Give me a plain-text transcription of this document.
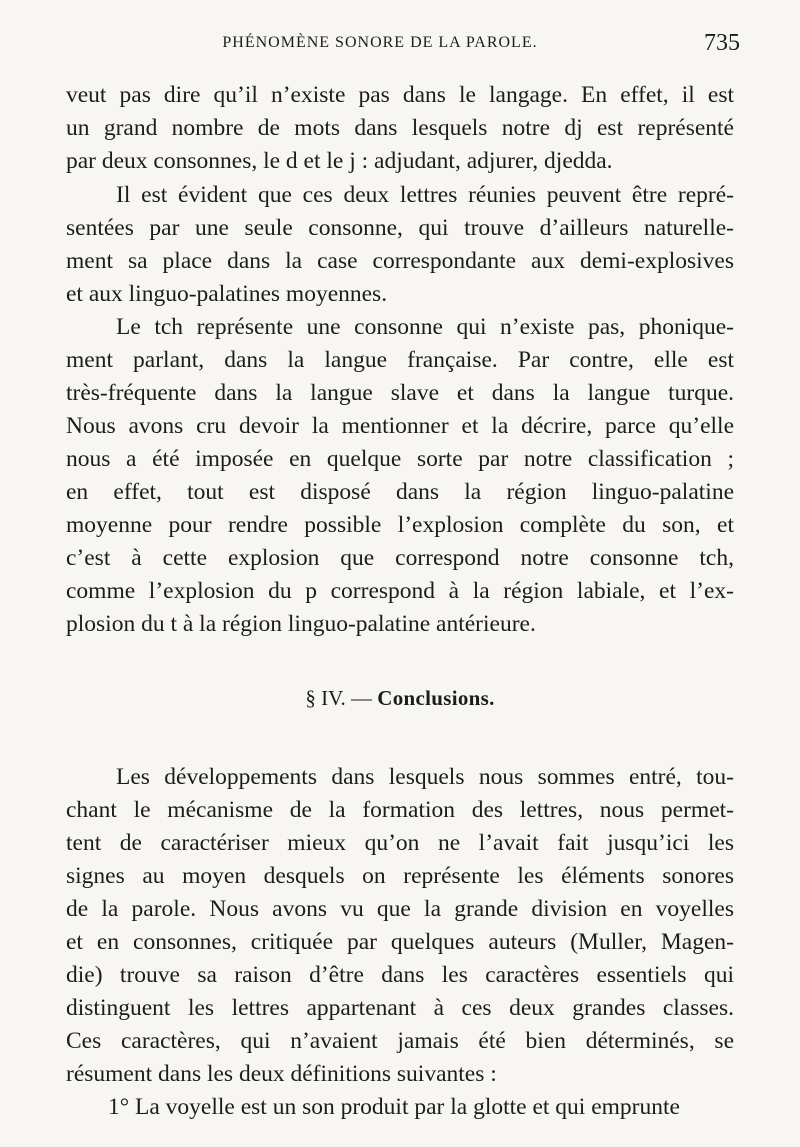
PHÉNOMÈNE SONORE DE LA PAROLE.	735
veut pas dire qu’il n’existe pas dans le langage. En effet, il est
un grand nombre de mots dans lesquels notre dj est représenté
par deux consonnes, le d et le j : adjudant, adjurer, djedda.
Il est évident que ces deux lettres réunies peuvent être repré-
sentées par une seule consonne, qui trouve d’ailleurs naturelle-
ment sa place dans la case correspondante aux demi-explosives
et aux linguo-palatines moyennes.
Le tch représente une consonne qui n’existe pas, phonique-
ment parlant, dans la langue française. Par contre, elle est
très-fréquente dans la langue slave et dans la langue turque.
Nous avons cru devoir la mentionner et la décrire, parce qu’elle
nous a été imposée en quelque sorte par notre classification ;
en effet, tout est disposé dans la région linguo-palatine
moyenne pour rendre possible l’explosion complète du son, et
c’est à cette explosion que correspond notre consonne tch,
comme l’explosion du p correspond à la région labiale, et l’ex-
plosion du t à la région linguo-palatine antérieure.
§ IV. — Conclusions.
Les développements dans lesquels nous sommes entré, tou-
chant le mécanisme de la formation des lettres, nous permet-
tent de caractériser mieux qu’on ne l’avait fait jusqu’ici les
signes au moyen desquels on représente les éléments sonores
de la parole. Nous avons vu que la grande division en voyelles
et en consonnes, critiquée par quelques auteurs (Muller, Magen-
die) trouve sa raison d’être dans les caractères essentiels qui
distinguent les lettres appartenant à ces deux grandes classes.
Ces caractères, qui n’avaient jamais été bien déterminés, se
résument dans les deux définitions suivantes :
1° La voyelle est un son produit par la glotte et qui emprunte
